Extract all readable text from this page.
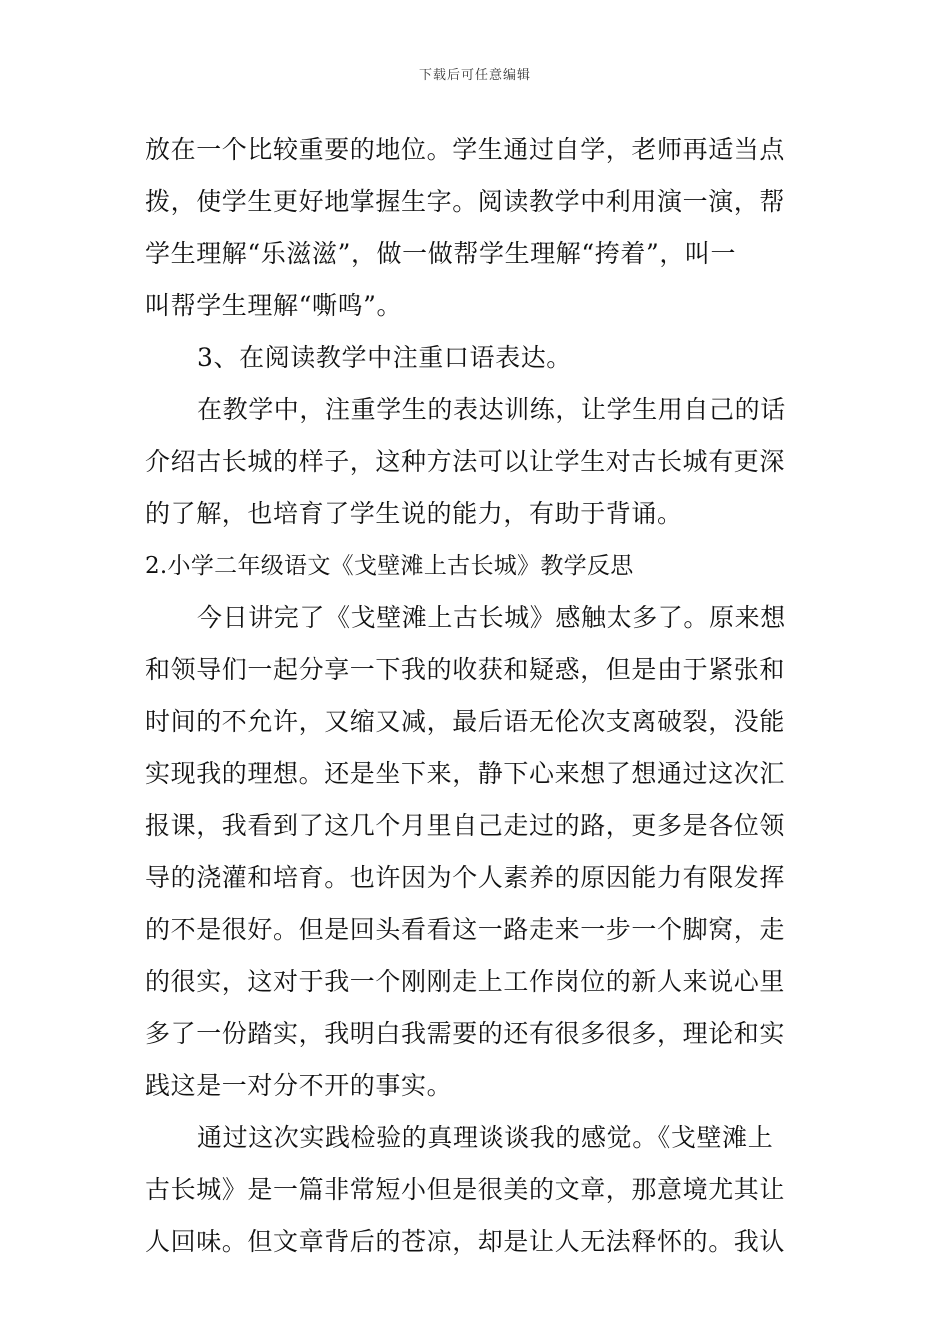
下载后可任意编辑
放在一个比较重要的地位。学生通过自学，老师再适当点
拨，使学生更好地掌握生字。阅读教学中利用演一演，帮
学生理解“乐滋滋”，做一做帮学生理解“挎着”，叫一
叫帮学生理解“嘶鸣”。
3、在阅读教学中注重口语表达。
在教学中，注重学生的表达训练，让学生用自己的话
介绍古长城的样子，这种方法可以让学生对古长城有更深
的了解，也培育了学生说的能力，有助于背诵。
2.小学二年级语文《戈壁滩上古长城》教学反思
今日讲完了《戈壁滩上古长城》感触太多了。原来想
和领导们一起分享一下我的收获和疑惑，但是由于紧张和
时间的不允许，又缩又减，最后语无伦次支离破裂，没能
实现我的理想。还是坐下来，静下心来想了想通过这次汇
报课，我看到了这几个月里自己走过的路，更多是各位领
导的浇灌和培育。也许因为个人素养的原因能力有限发挥
的不是很好。但是回头看看这一路走来一步一个脚窝，走
的很实，这对于我一个刚刚走上工作岗位的新人来说心里
多了一份踏实，我明白我需要的还有很多很多，理论和实
践这是一对分不开的事实。
通过这次实践检验的真理谈谈我的感觉。《戈壁滩上
古长城》是一篇非常短小但是很美的文章，那意境尤其让
人回味。但文章背后的苍凉，却是让人无法释怀的。我认
